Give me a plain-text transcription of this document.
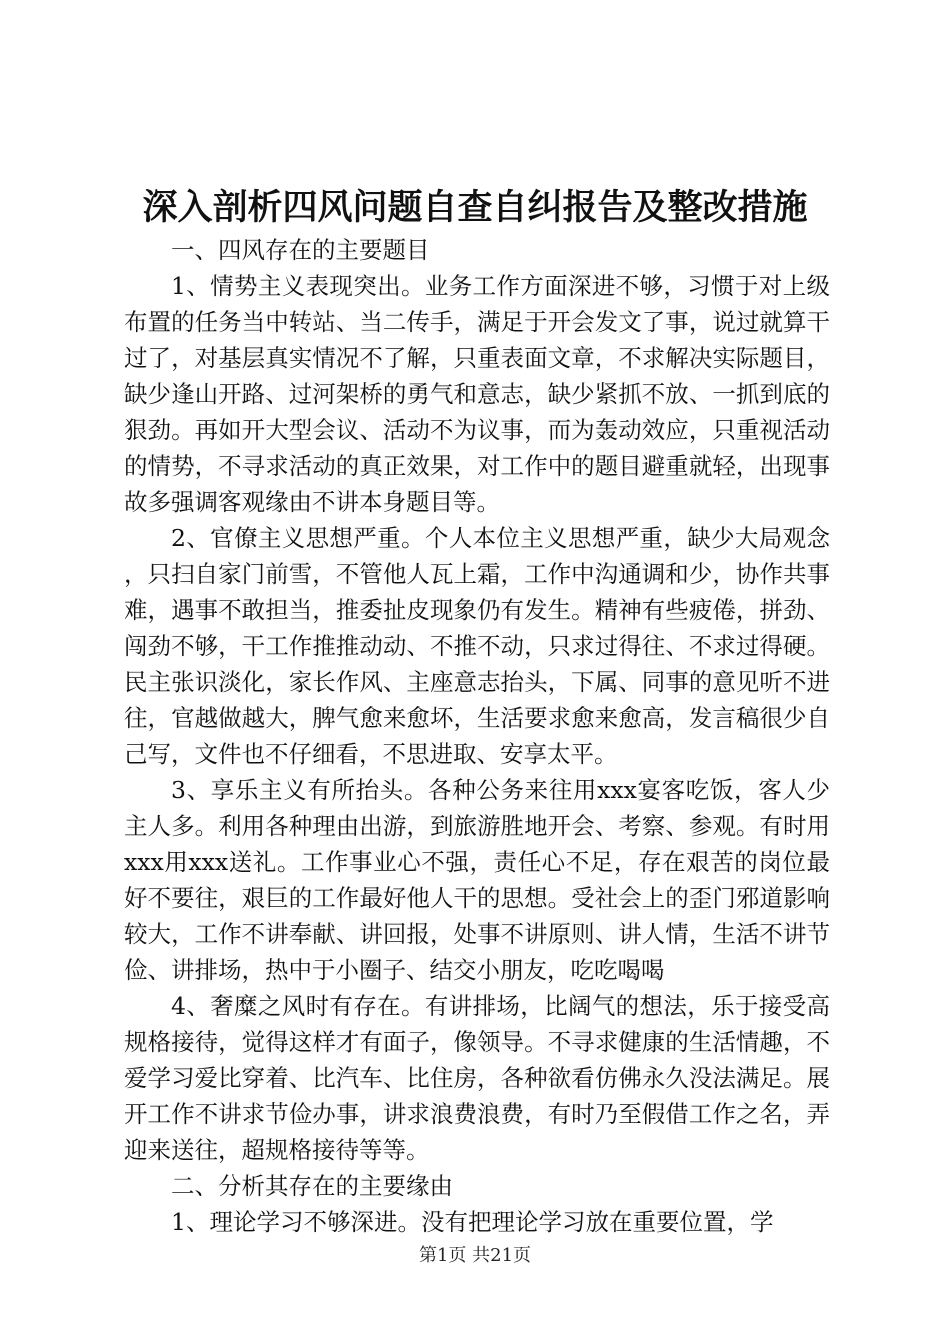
深入剖析四风问题自查自纠报告及整改措施

一、四风存在的主要题目

1、情势主义表现突出。业务工作方面深进不够，习惯于对上级布置的任务当中转站、当二传手，满足于开会发文了事，说过就算干过了，对基层真实情况不了解，只重表面文章，不求解决实际题目，缺少逢山开路、过河架桥的勇气和意志，缺少紧抓不放、一抓到底的狠劲。再如开大型会议、活动不为议事，而为轰动效应，只重视活动的情势，不寻求活动的真正效果，对工作中的题目避重就轻，出现事故多强调客观缘由不讲本身题目等。

2、官僚主义思想严重。个人本位主义思想严重，缺少大局观念，只扫自家门前雪，不管他人瓦上霜，工作中沟通调和少，协作共事难，遇事不敢担当，推委扯皮现象仍有发生。精神有些疲倦，拼劲、闯劲不够，干工作推推动动、不推不动，只求过得往、不求过得硬。民主张识淡化，家长作风、主座意志抬头，下属、同事的意见听不进往，官越做越大，脾气愈来愈坏，生活要求愈来愈高，发言稿很少自己写，文件也不仔细看，不思进取、安享太平。

3、享乐主义有所抬头。各种公务来往用xxx宴客吃饭，客人少主人多。利用各种理由出游，到旅游胜地开会、考察、参观。有时用xxx用xxx送礼。工作事业心不强，责任心不足，存在艰苦的岗位最好不要往，艰巨的工作最好他人干的思想。受社会上的歪门邪道影响较大，工作不讲奉献、讲回报，处事不讲原则、讲人情，生活不讲节俭、讲排场，热中于小圈子、结交小朋友，吃吃喝喝

4、奢糜之风时有存在。有讲排场，比阔气的想法，乐于接受高规格接待，觉得这样才有面子，像领导。不寻求健康的生活情趣，不爱学习爱比穿着、比汽车、比住房，各种欲看仿佛永久没法满足。展开工作不讲求节俭办事，讲求浪费浪费，有时乃至假借工作之名，弄迎来送往，超规格接待等等。

二、分析其存在的主要缘由

1、理论学习不够深进。没有把理论学习放在重要位置，学

第1页 共21页
